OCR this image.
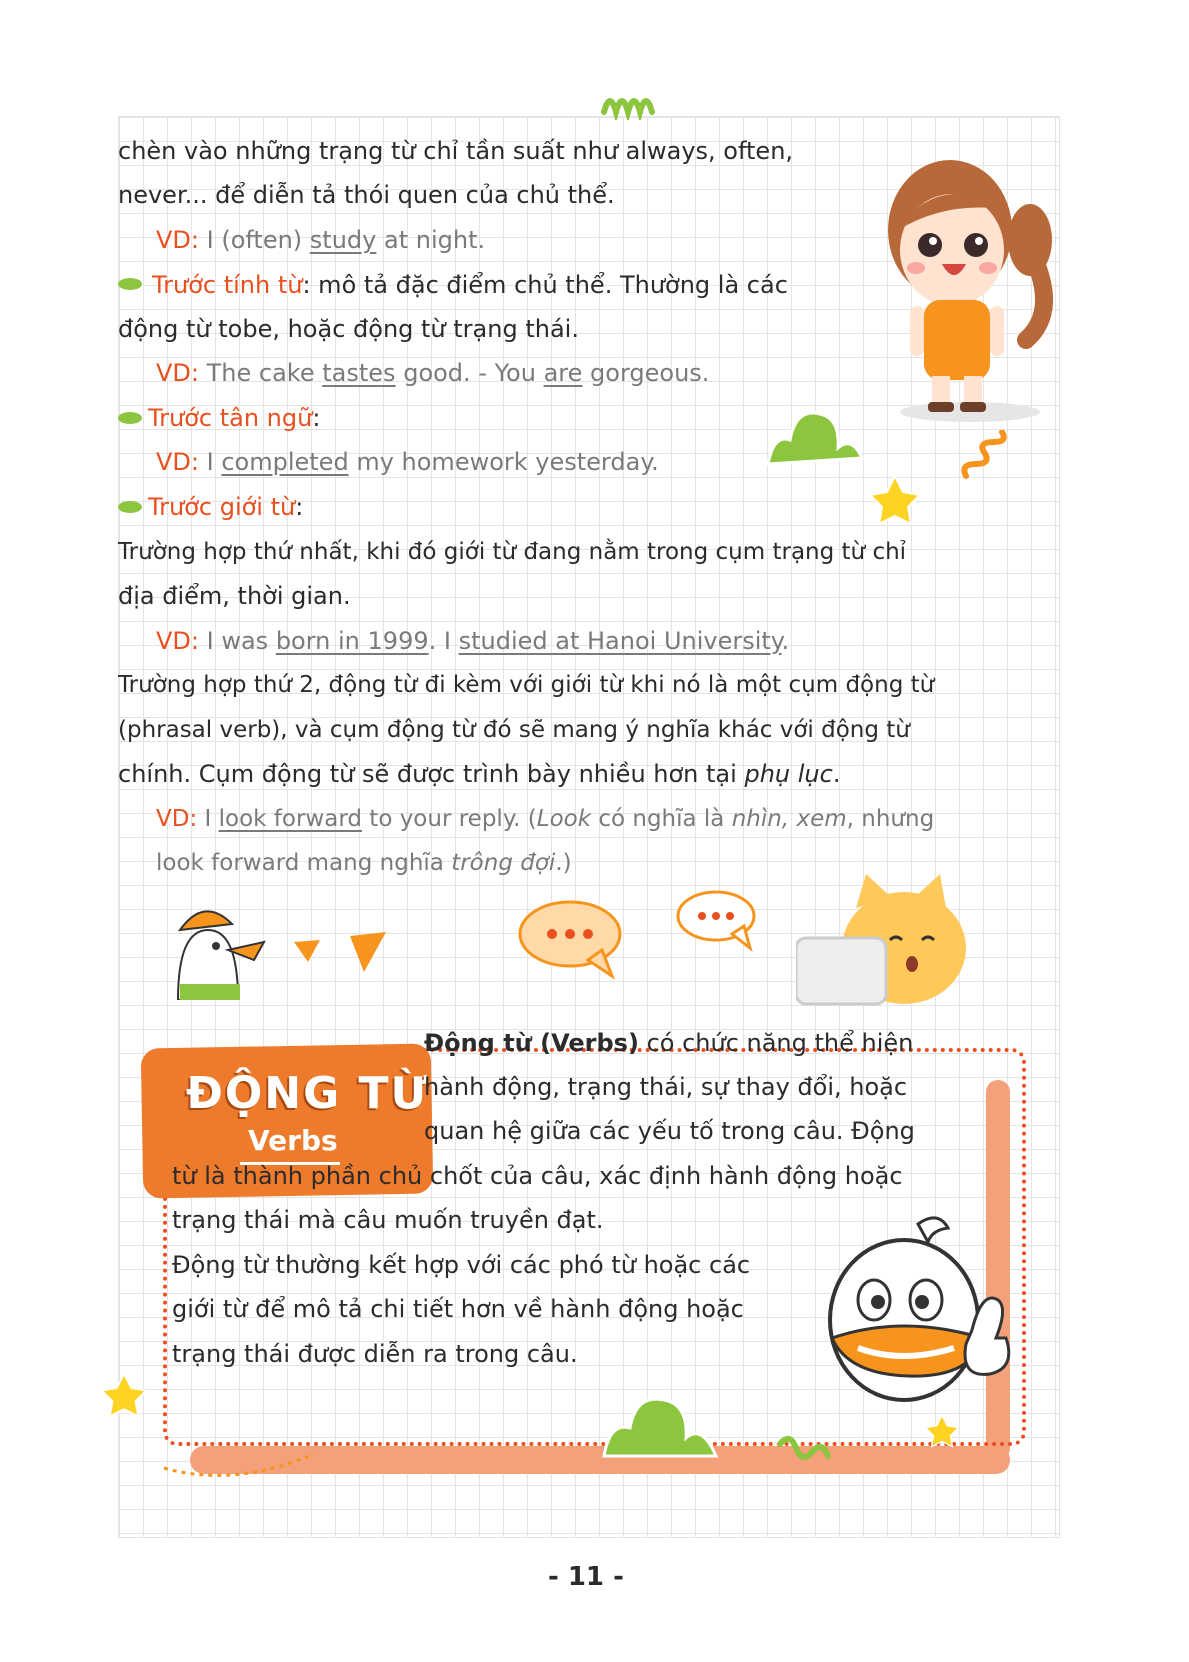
chèn vào những trạng từ chỉ tần suất như always, often,
never... để diễn tả thói quen của chủ thể.
VD: I (often) study at night.
Trước tính từ: mô tả đặc điểm chủ thể. Thường là các
động từ tobe, hoặc động từ trạng thái.
VD: The cake tastes good. - You are gorgeous.
Trước tân ngữ:
VD: I completed my homework yesterday.
Trước giới từ:
Trường hợp thứ nhất, khi đó giới từ đang nằm trong cụm trạng từ chỉ
địa điểm, thời gian.
VD: I was born in 1999. I studied at Hanoi University.
Trường hợp thứ 2, động từ đi kèm với giới từ khi nó là một cụm động từ
(phrasal verb), và cụm động từ đó sẽ mang ý nghĩa khác với động từ
chính. Cụm động từ sẽ được trình bày nhiều hơn tại phụ lục.
VD: I look forward to your reply. (Look có nghĩa là nhìn, xem, nhưng
look forward mang nghĩa trông đợi.)
ĐỘNG TỪ
Verbs
Động từ (Verbs) có chức năng thể hiện
hành động, trạng thái, sự thay đổi, hoặc
quan hệ giữa các yếu tố trong câu. Động
từ là thành phần chủ chốt của câu, xác định hành động hoặc
trạng thái mà câu muốn truyền đạt.
Động từ thường kết hợp với các phó từ hoặc các
giới từ để mô tả chi tiết hơn về hành động hoặc
trạng thái được diễn ra trong câu.
- 11 -
